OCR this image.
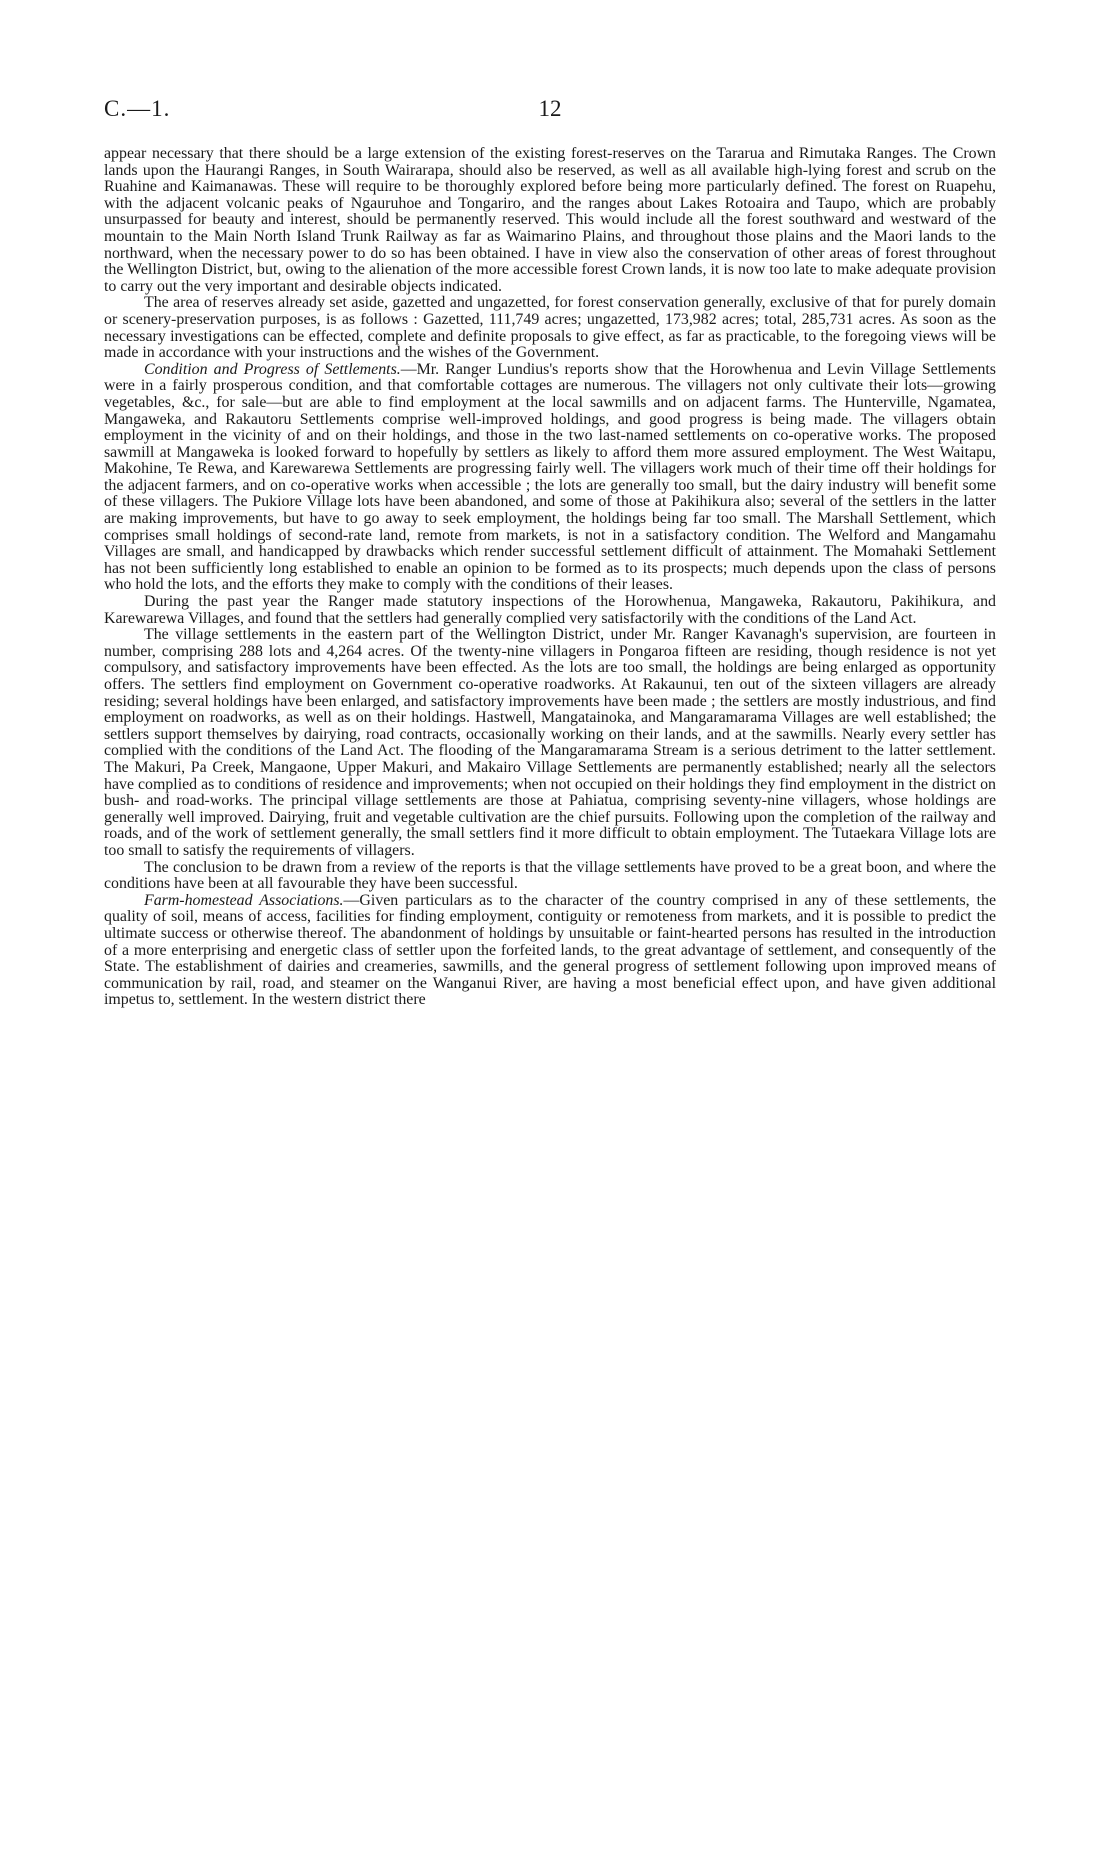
C.—1.	12

appear necessary that there should be a large extension of the existing forest-reserves on the Tararua and Rimutaka Ranges. The Crown lands upon the Haurangi Ranges, in South Wairarapa, should also be reserved, as well as all available high-lying forest and scrub on the Ruahine and Kaimanawas. These will require to be thoroughly explored before being more particularly defined. The forest on Ruapehu, with the adjacent volcanic peaks of Ngauruhoe and Tongariro, and the ranges about Lakes Rotoaira and Taupo, which are probably unsurpassed for beauty and interest, should be permanently reserved. This would include all the forest southward and westward of the mountain to the Main North Island Trunk Railway as far as Waimarino Plains, and throughout those plains and the Maori lands to the northward, when the necessary power to do so has been obtained. I have in view also the conservation of other areas of forest throughout the Wellington District, but, owing to the alienation of the more accessible forest Crown lands, it is now too late to make adequate provision to carry out the very important and desirable objects indicated.

The area of reserves already set aside, gazetted and ungazetted, for forest conservation generally, exclusive of that for purely domain or scenery-preservation purposes, is as follows : Gazetted, 111,749 acres; ungazetted, 173,982 acres; total, 285,731 acres. As soon as the necessary investigations can be effected, complete and definite proposals to give effect, as far as practicable, to the foregoing views will be made in accordance with your instructions and the wishes of the Government.

Condition and Progress of Settlements.—Mr. Ranger Lundius's reports show that the Horowhenua and Levin Village Settlements were in a fairly prosperous condition, and that comfortable cottages are numerous. The villagers not only cultivate their lots—growing vegetables, &c., for sale—but are able to find employment at the local sawmills and on adjacent farms. The Hunterville, Ngamatea, Mangaweka, and Rakautoru Settlements comprise well-improved holdings, and good progress is being made. The villagers obtain employment in the vicinity of and on their holdings, and those in the two last-named settlements on co-operative works. The proposed sawmill at Mangaweka is looked forward to hopefully by settlers as likely to afford them more assured employment. The West Waitapu, Makohine, Te Rewa, and Karewarewa Settlements are progressing fairly well. The villagers work much of their time off their holdings for the adjacent farmers, and on co-operative works when accessible ; the lots are generally too small, but the dairy industry will benefit some of these villagers. The Pukiore Village lots have been abandoned, and some of those at Pakihikura also; several of the settlers in the latter are making improvements, but have to go away to seek employment, the holdings being far too small. The Marshall Settlement, which comprises small holdings of second-rate land, remote from markets, is not in a satisfactory condition. The Welford and Mangamahu Villages are small, and handicapped by drawbacks which render successful settlement difficult of attainment. The Momahaki Settlement has not been sufficiently long established to enable an opinion to be formed as to its prospects; much depends upon the class of persons who hold the lots, and the efforts they make to comply with the conditions of their leases.

During the past year the Ranger made statutory inspections of the Horowhenua, Mangaweka, Rakautoru, Pakihikura, and Karewarewa Villages, and found that the settlers had generally complied very satisfactorily with the conditions of the Land Act.

The village settlements in the eastern part of the Wellington District, under Mr. Ranger Kavanagh's supervision, are fourteen in number, comprising 288 lots and 4,264 acres. Of the twenty-nine villagers in Pongaroa fifteen are residing, though residence is not yet compulsory, and satisfactory improvements have been effected. As the lots are too small, the holdings are being enlarged as opportunity offers. The settlers find employment on Government co-operative roadworks. At Rakaunui, ten out of the sixteen villagers are already residing; several holdings have been enlarged, and satisfactory improvements have been made ; the settlers are mostly industrious, and find employment on roadworks, as well as on their holdings. Hastwell, Mangatainoka, and Mangaramarama Villages are well established; the settlers support themselves by dairying, road contracts, occasionally working on their lands, and at the sawmills. Nearly every settler has complied with the conditions of the Land Act. The flooding of the Mangaramarama Stream is a serious detriment to the latter settlement. The Makuri, Pa Creek, Mangaone, Upper Makuri, and Makairo Village Settlements are permanently established; nearly all the selectors have complied as to conditions of residence and improvements; when not occupied on their holdings they find employment in the district on bush- and road-works. The principal village settlements are those at Pahiatua, comprising seventy-nine villagers, whose holdings are generally well improved. Dairying, fruit and vegetable cultivation are the chief pursuits. Following upon the completion of the railway and roads, and of the work of settlement generally, the small settlers find it more difficult to obtain employment. The Tutaekara Village lots are too small to satisfy the requirements of villagers.

The conclusion to be drawn from a review of the reports is that the village settlements have proved to be a great boon, and where the conditions have been at all favourable they have been successful.

Farm-homestead Associations.—Given particulars as to the character of the country comprised in any of these settlements, the quality of soil, means of access, facilities for finding employment, contiguity or remoteness from markets, and it is possible to predict the ultimate success or otherwise thereof. The abandonment of holdings by unsuitable or faint-hearted persons has resulted in the introduction of a more enterprising and energetic class of settler upon the forfeited lands, to the great advantage of settlement, and consequently of the State. The establishment of dairies and creameries, sawmills, and the general progress of settlement following upon improved means of communication by rail, road, and steamer on the Wanganui River, are having a most beneficial effect upon, and have given additional impetus to, settlement. In the western district there
